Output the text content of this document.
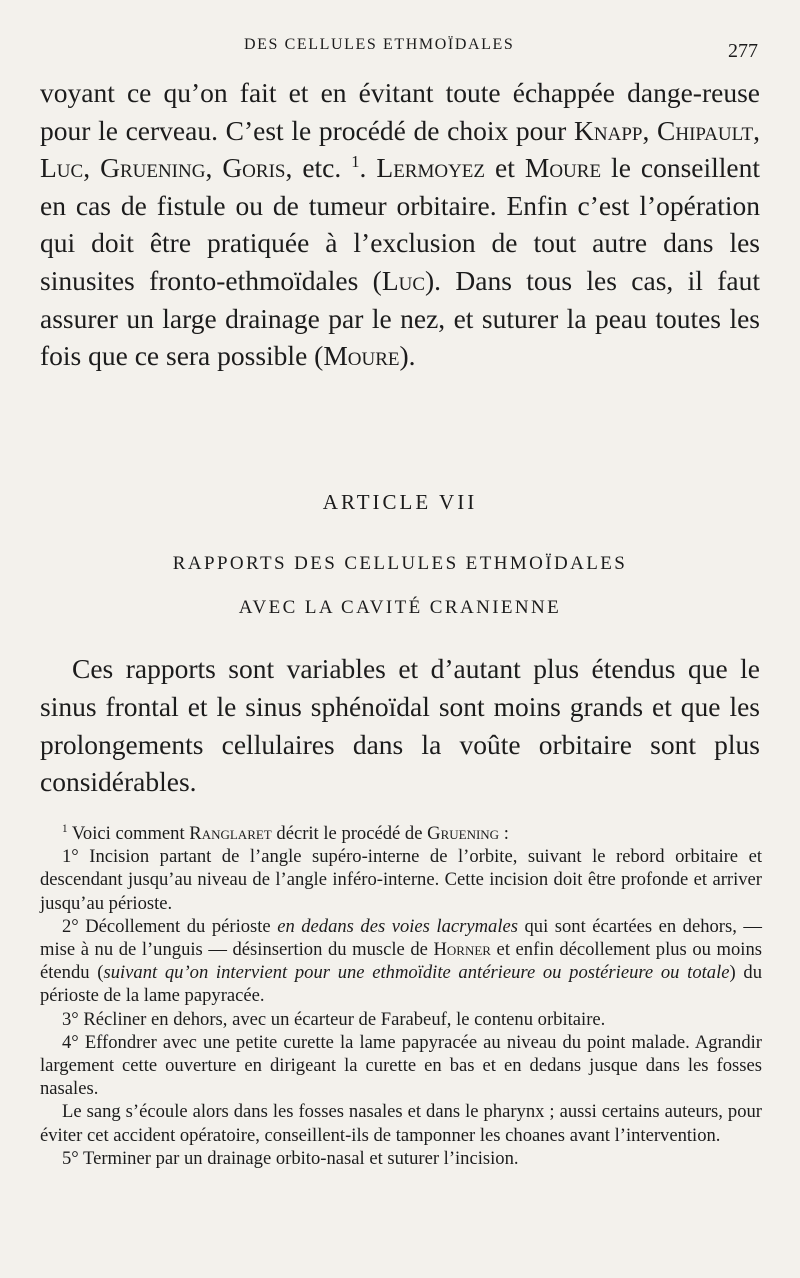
DES CELLULES ETHMOÏDALES	277

voyant ce qu’on fait et en évitant toute échappée dange-reuse pour le cerveau. C’est le procédé de choix pour Knapp, Chipault, Luc, Gruening, Goris, etc. $^1$. Lermoyez et Moure le conseillent en cas de fistule ou de tumeur orbitaire. Enfin c’est l’opération qui doit être pratiquée à l’exclusion de tout autre dans les sinusites fronto-ethmoïdales (Luc). Dans tous les cas, il faut assurer un large drainage par le nez, et suturer la peau toutes les fois que ce sera possible (Moure).

ARTICLE VII
RAPPORTS DES CELLULES ETHMOÏDALES
AVEC LA CAVITÉ CRANIENNE

Ces rapports sont variables et d’autant plus étendus que le sinus frontal et le sinus sphénoïdal sont moins grands et que les prolongements cellulaires dans la voûte orbitaire sont plus considérables.

$^1$ Voici comment Ranglaret décrit le procédé de Gruening :

1° Incision partant de l’angle supéro-interne de l’orbite, suivant le rebord orbitaire et descendant jusqu’au niveau de l’angle inféro-interne. Cette incision doit être profonde et arriver jusqu’au périoste.

2° Décollement du périoste en dedans des voies lacrymales qui sont écartées en dehors, — mise à nu de l’unguis — désinsertion du muscle de Horner et enfin décollement plus ou moins étendu (suivant qu’on intervient pour une ethmoïdite antérieure ou postérieure ou totale) du périoste de la lame papyracée.

3° Récliner en dehors, avec un écarteur de Farabeuf, le contenu orbitaire.

4° Effondrer avec une petite curette la lame papyracée au niveau du point malade. Agrandir largement cette ouverture en dirigeant la curette en bas et en dedans jusque dans les fosses nasales.

Le sang s’écoule alors dans les fosses nasales et dans le pharynx ; aussi certains auteurs, pour éviter cet accident opératoire, conseillent-ils de tamponner les choanes avant l’intervention.

5° Terminer par un drainage orbito-nasal et suturer l’incision.
